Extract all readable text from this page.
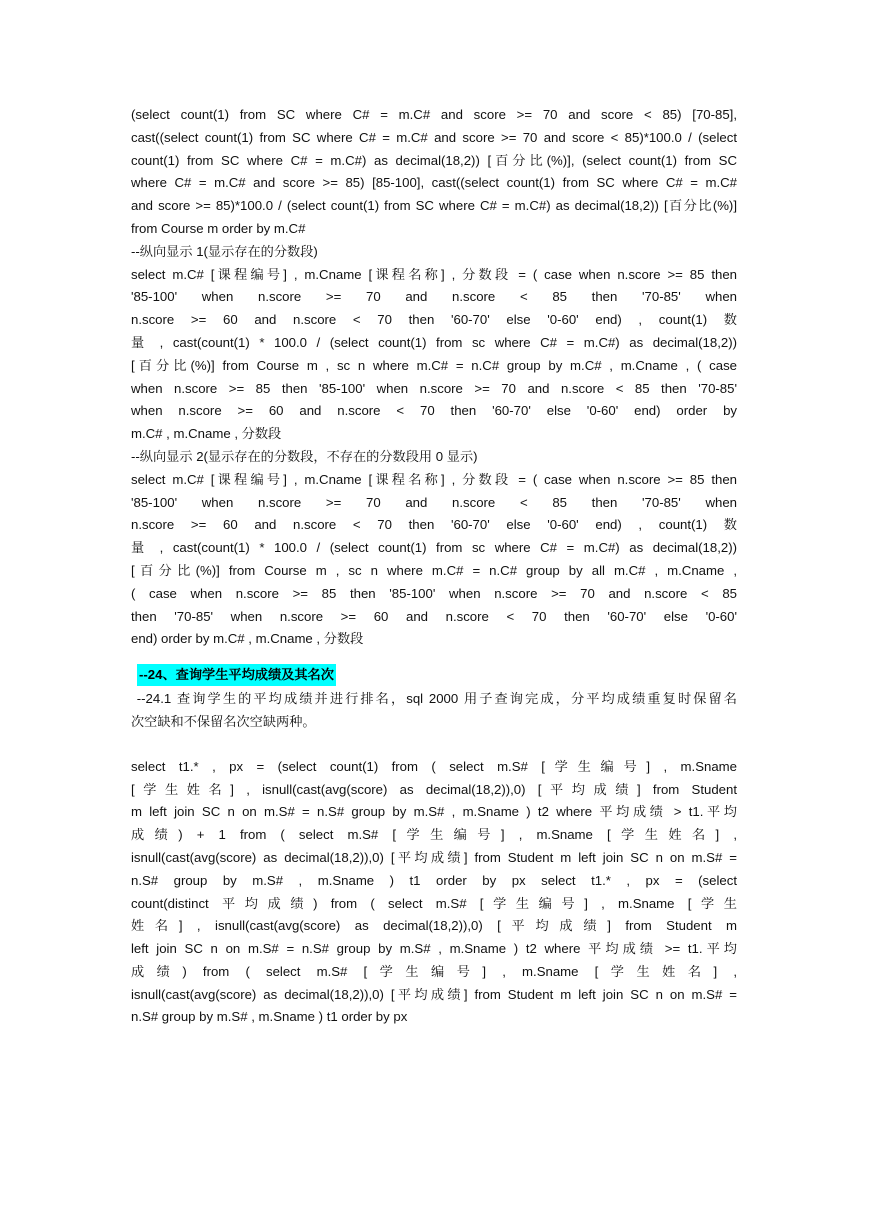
(select count(1) from SC where C# = m.C# and score >= 70 and score < 85) [70-85],
cast((select count(1) from SC where C# = m.C# and score >= 70 and score < 85)*100.0 / (select
count(1) from SC where C# = m.C#) as decimal(18,2)) [百分比(%)], (select count(1) from SC
where C# = m.C# and score >= 85) [85-100], cast((select count(1) from SC where C# = m.C#
and score >= 85)*100.0 / (select count(1) from SC where C# = m.C#) as decimal(18,2)) [百分比(%)]
from Course m order by m.C#
--纵向显示 1(显示存在的分数段)
select m.C# [课程编号] , m.Cname [课程名称] , 分数段 = ( case when n.score >= 85 then
'85-100' when n.score >= 70 and n.score < 85 then '70-85' when
n.score >= 60 and n.score < 70 then '60-70' else '0-60' end) , count(1) 数
量 , cast(count(1) * 100.0 / (select count(1) from sc where C# = m.C#) as decimal(18,2))
[百分比(%)] from Course m , sc n where m.C# = n.C# group by m.C# , m.Cname , ( case
when n.score >= 85 then '85-100' when n.score >= 70 and n.score < 85 then '70-85'
when n.score >= 60 and n.score < 70 then '60-70' else '0-60' end) order by
m.C# , m.Cname , 分数段
--纵向显示 2(显示存在的分数段，不存在的分数段用 0 显示)
select m.C# [课程编号] , m.Cname [课程名称] , 分数段 = ( case when n.score >= 85 then
'85-100' when n.score >= 70 and n.score < 85 then '70-85' when
n.score >= 60 and n.score < 70 then '60-70' else '0-60' end) , count(1) 数
量 , cast(count(1) * 100.0 / (select count(1) from sc where C# = m.C#) as decimal(18,2))
[百分比(%)] from Course m , sc n where m.C# = n.C# group by all m.C# , m.Cname ,
( case when n.score >= 85 then '85-100' when n.score >= 70 and n.score < 85
then '70-85' when n.score >= 60 and n.score < 70 then '60-70' else '0-60'
end) order by m.C# , m.Cname , 分数段
--24、查询学生平均成绩及其名次
--24.1 查询学生的平均成绩并进行排名，sql 2000 用子查询完成，分平均成绩重复时保留名
次空缺和不保留名次空缺两种。
select t1.* , px = (select count(1) from ( select m.S# [学生编号] , m.Sname
[学生姓名] , isnull(cast(avg(score) as decimal(18,2)),0) [平均成绩] from Student
m left join SC n on m.S# = n.S# group by m.S# , m.Sname ) t2 where 平均成绩 > t1.平均
成绩) + 1 from ( select m.S# [学生编号] , m.Sname [学生姓名] ,
isnull(cast(avg(score) as decimal(18,2)),0) [平均成绩] from Student m left join SC n on m.S# =
n.S# group by m.S# , m.Sname ) t1 order by px select t1.* , px = (select
count(distinct 平均成绩) from ( select m.S# [学生编号] , m.Sname [学生
姓名] , isnull(cast(avg(score) as decimal(18,2)),0) [平均成绩] from Student m
left join SC n on m.S# = n.S# group by m.S# , m.Sname ) t2 where 平均成绩 >= t1.平均
成绩) from ( select m.S# [学生编号] , m.Sname [学生姓名] ,
isnull(cast(avg(score) as decimal(18,2)),0) [平均成绩] from Student m left join SC n on m.S# =
n.S# group by m.S# , m.Sname ) t1 order by px
